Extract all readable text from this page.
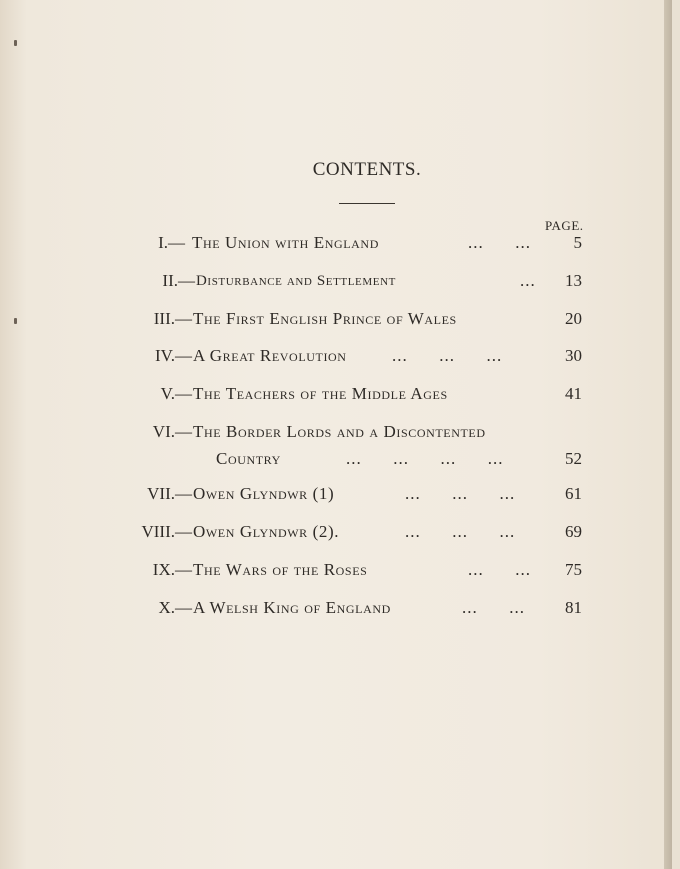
CONTENTS.
PAGE.
I.— The Union with England	...      ...	5
II.— Disturbance and Settlement	...	13
III.— The First English Prince of Wales	20
IV.— A Great Revolution	...      ...      ...	30
V.— The Teachers of the Middle Ages	41
VI.— The Border Lords and a Discontented
Country	...      ...      ...      ...	52
VII.— Owen Glyndwr (1)	...      ...      ...	61
VIII.— Owen Glyndwr (2).	...      ...      ...	69
IX.— The Wars of the Roses	...      ...	75
X.— A Welsh King of England	...      ...	81
